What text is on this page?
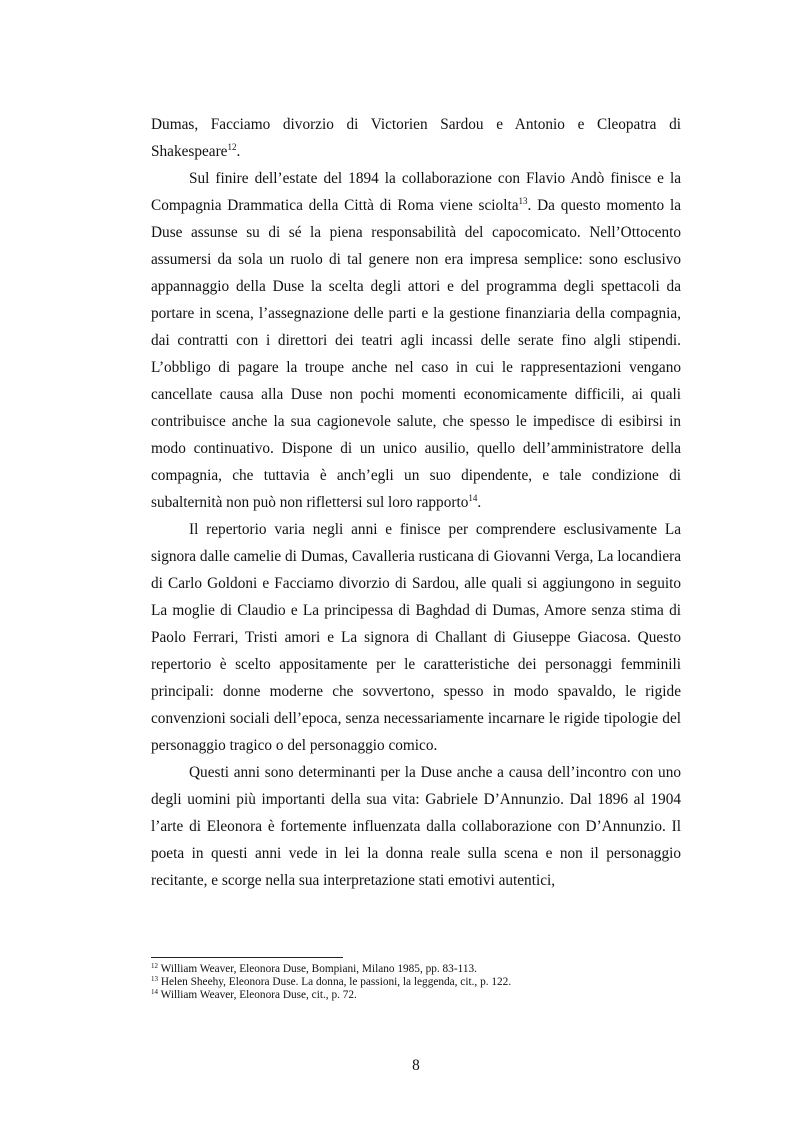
Dumas, Facciamo divorzio di Victorien Sardou e Antonio e Cleopatra di Shakespeare$^{12}$.

Sul finire dell’estate del 1894 la collaborazione con Flavio Andò finisce e la Compagnia Drammatica della Città di Roma viene sciolta$^{13}$. Da questo momento la Duse assunse su di sé la piena responsabilità del capocomicato. Nell’Ottocento assumersi da sola un ruolo di tal genere non era impresa semplice: sono esclusivo appannaggio della Duse la scelta degli attori e del programma degli spettacoli da portare in scena, l’assegnazione delle parti e la gestione finanziaria della compagnia, dai contratti con i direttori dei teatri agli incassi delle serate fino algli stipendi. L’obbligo di pagare la troupe anche nel caso in cui le rappresentazioni vengano cancellate causa alla Duse non pochi momenti economicamente difficili, ai quali contribuisce anche la sua cagionevole salute, che spesso le impedisce di esibirsi in modo continuativo. Dispone di un unico ausilio, quello dell’amministratore della compagnia, che tuttavia è anch’egli un suo dipendente, e tale condizione di subalternità non può non riflettersi sul loro rapporto$^{14}$.

Il repertorio varia negli anni e finisce per comprendere esclusivamente La signora dalle camelie di Dumas, Cavalleria rusticana di Giovanni Verga, La locandiera di Carlo Goldoni e Facciamo divorzio di Sardou, alle quali si aggiungono in seguito La moglie di Claudio e La principessa di Baghdad di Dumas, Amore senza stima di Paolo Ferrari, Tristi amori e La signora di Challant di Giuseppe Giacosa. Questo repertorio è scelto appositamente per le caratteristiche dei personaggi femminili principali: donne moderne che sovvertono, spesso in modo spavaldo, le rigide convenzioni sociali dell’epoca, senza necessariamente incarnare le rigide tipologie del personaggio tragico o del personaggio comico.

Questi anni sono determinanti per la Duse anche a causa dell’incontro con uno degli uomini più importanti della sua vita: Gabriele D’Annunzio. Dal 1896 al 1904 l’arte di Eleonora è fortemente influenzata dalla collaborazione con D’Annunzio. Il poeta in questi anni vede in lei la donna reale sulla scena e non il personaggio recitante, e scorge nella sua interpretazione stati emotivi autentici,

$^{12}$ William Weaver, Eleonora Duse, Bompiani, Milano 1985, pp. 83-113.
$^{13}$ Helen Sheehy, Eleonora Duse. La donna, le passioni, la leggenda, cit., p. 122.
$^{14}$ William Weaver, Eleonora Duse, cit., p. 72.
8
